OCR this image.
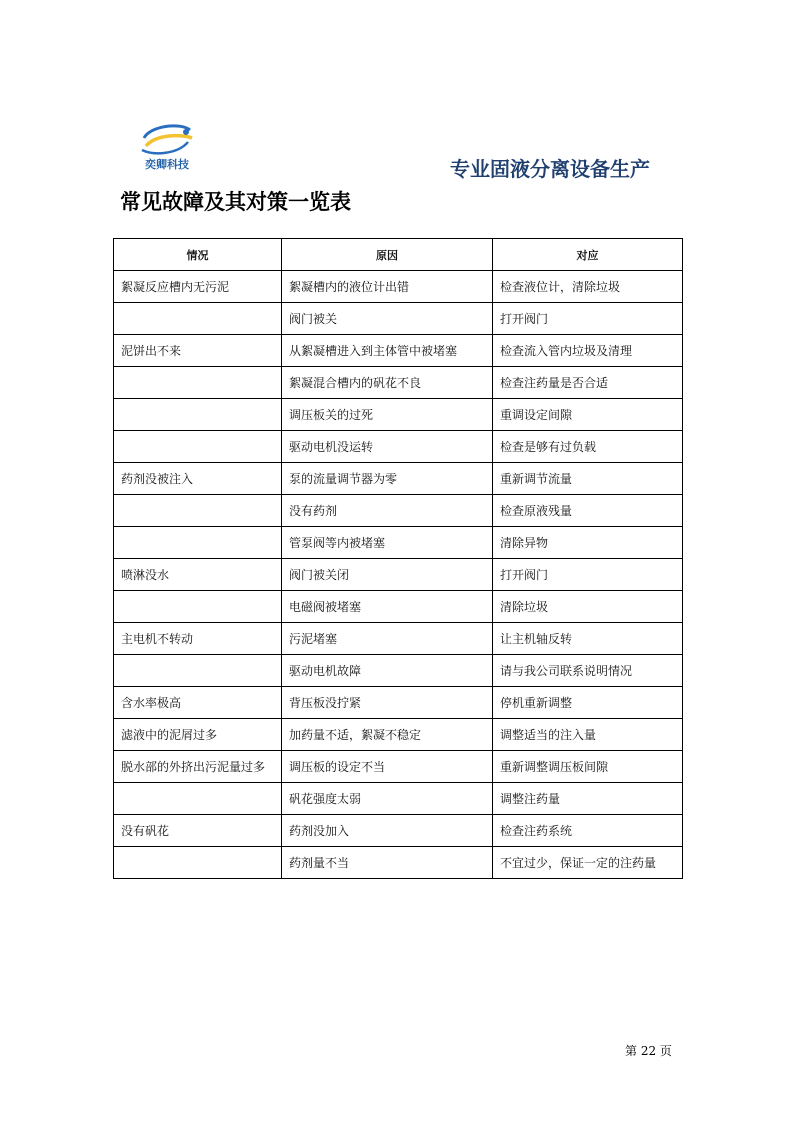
奕卿科技	专业固液分离设备生产
常见故障及其对策一览表
情况	原因	对应
絮凝反应槽内无污泥	絮凝槽内的液位计出错	检查液位计，清除垃圾
	阀门被关	打开阀门
泥饼出不来	从絮凝槽进入到主体管中被堵塞	检查流入管内垃圾及清理
	絮凝混合槽内的矾花不良	检查注药量是否合适
	调压板关的过死	重调设定间隙
	驱动电机没运转	检查是够有过负载
药剂没被注入	泵的流量调节器为零	重新调节流量
	没有药剂	检查原液残量
	管泵阀等内被堵塞	清除异物
喷淋没水	阀门被关闭	打开阀门
	电磁阀被堵塞	清除垃圾
主电机不转动	污泥堵塞	让主机轴反转
	驱动电机故障	请与我公司联系说明情况
含水率极高	背压板没拧紧	停机重新调整
滤液中的泥屑过多	加药量不适，絮凝不稳定	调整适当的注入量
脱水部的外挤出污泥量过多	调压板的设定不当	重新调整调压板间隙
	矾花强度太弱	调整注药量
没有矾花	药剂没加入	检查注药系统
	药剂量不当	不宜过少，保证一定的注药量
第 22 页
